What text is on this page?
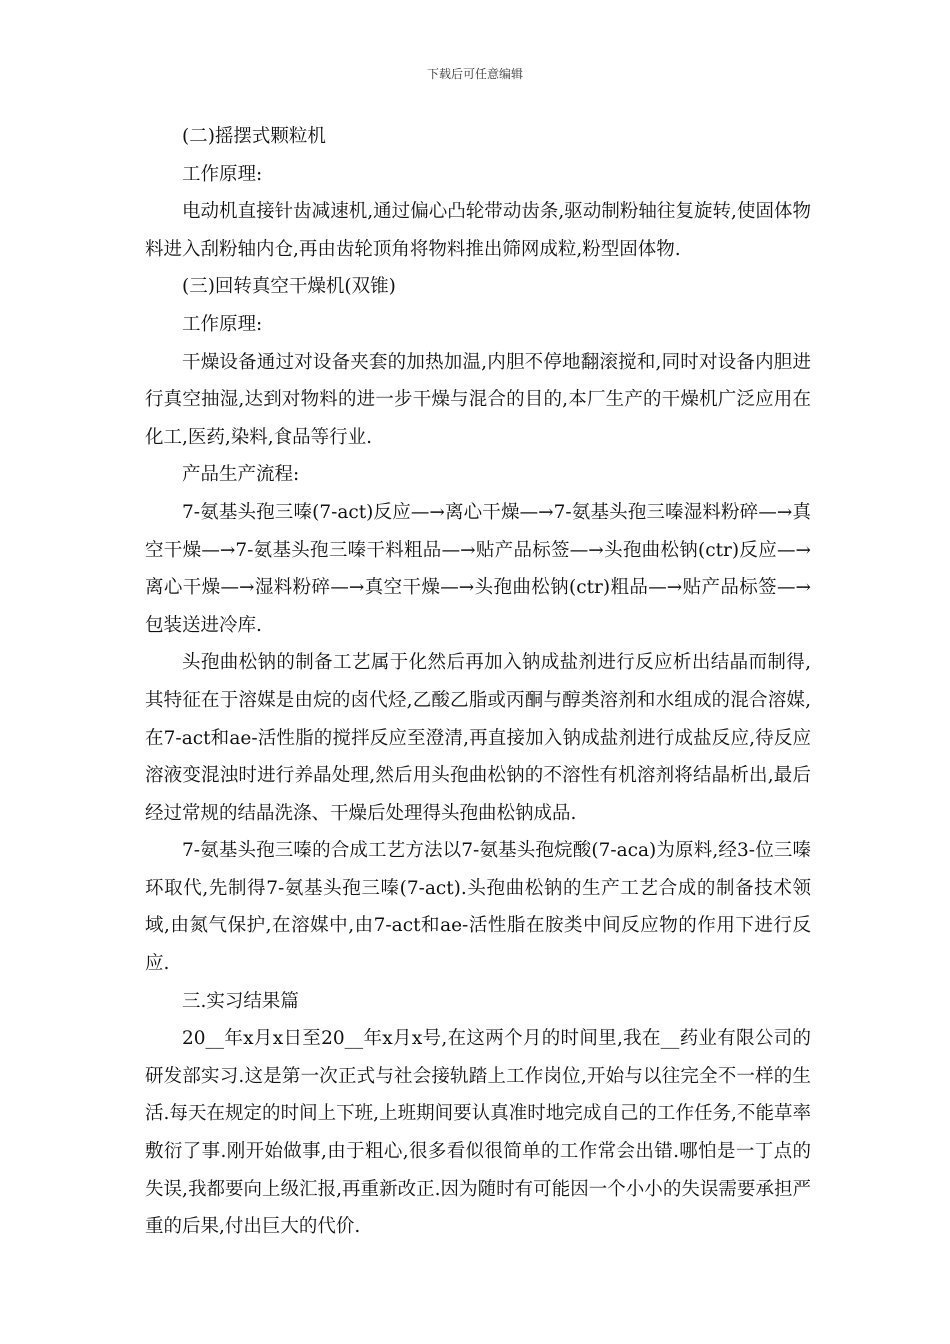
下载后可任意编辑

(二)摇摆式颗粒机

工作原理:

电动机直接针齿减速机,通过偏心凸轮带动齿条,驱动制粉轴往复旋转,使固体物料进入刮粉轴内仓,再由齿轮顶角将物料推出筛网成粒,粉型固体物.

(三)回转真空干燥机(双锥)

工作原理:

干燥设备通过对设备夹套的加热加温,内胆不停地翻滚搅和,同时对设备内胆进行真空抽湿,达到对物料的进一步干燥与混合的目的,本厂生产的干燥机广泛应用在化工,医药,染料,食品等行业.

产品生产流程:

7-氨基头孢三嗪(7-act)反应—→离心干燥—→7-氨基头孢三嗪湿料粉碎—→真空干燥—→7-氨基头孢三嗪干料粗品—→贴产品标签—→头孢曲松钠(ctr)反应—→离心干燥—→湿料粉碎—→真空干燥—→头孢曲松钠(ctr)粗品—→贴产品标签—→包装送进冷库.

头孢曲松钠的制备工艺属于化然后再加入钠成盐剂进行反应析出结晶而制得,其特征在于溶媒是由烷的卤代烃,乙酸乙脂或丙酮与醇类溶剂和水组成的混合溶媒,在7-act和ae-活性脂的搅拌反应至澄清,再直接加入钠成盐剂进行成盐反应,待反应溶液变混浊时进行养晶处理,然后用头孢曲松钠的不溶性有机溶剂将结晶析出,最后经过常规的结晶洗涤、干燥后处理得头孢曲松钠成品.

7-氨基头孢三嗪的合成工艺方法以7-氨基头孢烷酸(7-aca)为原料,经3-位三嗪环取代,先制得7-氨基头孢三嗪(7-act).头孢曲松钠的生产工艺合成的制备技术领域,由氮气保护,在溶媒中,由7-act和ae-活性脂在胺类中间反应物的作用下进行反应.

三.实习结果篇

20__年x月x日至20__年x月x号,在这两个月的时间里,我在__药业有限公司的研发部实习.这是第一次正式与社会接轨踏上工作岗位,开始与以往完全不一样的生活.每天在规定的时间上下班,上班期间要认真准时地完成自己的工作任务,不能草率敷衍了事.刚开始做事,由于粗心,很多看似很简单的工作常会出错.哪怕是一丁点的失误,我都要向上级汇报,再重新改正.因为随时有可能因一个小小的失误需要承担严重的后果,付出巨大的代价.
